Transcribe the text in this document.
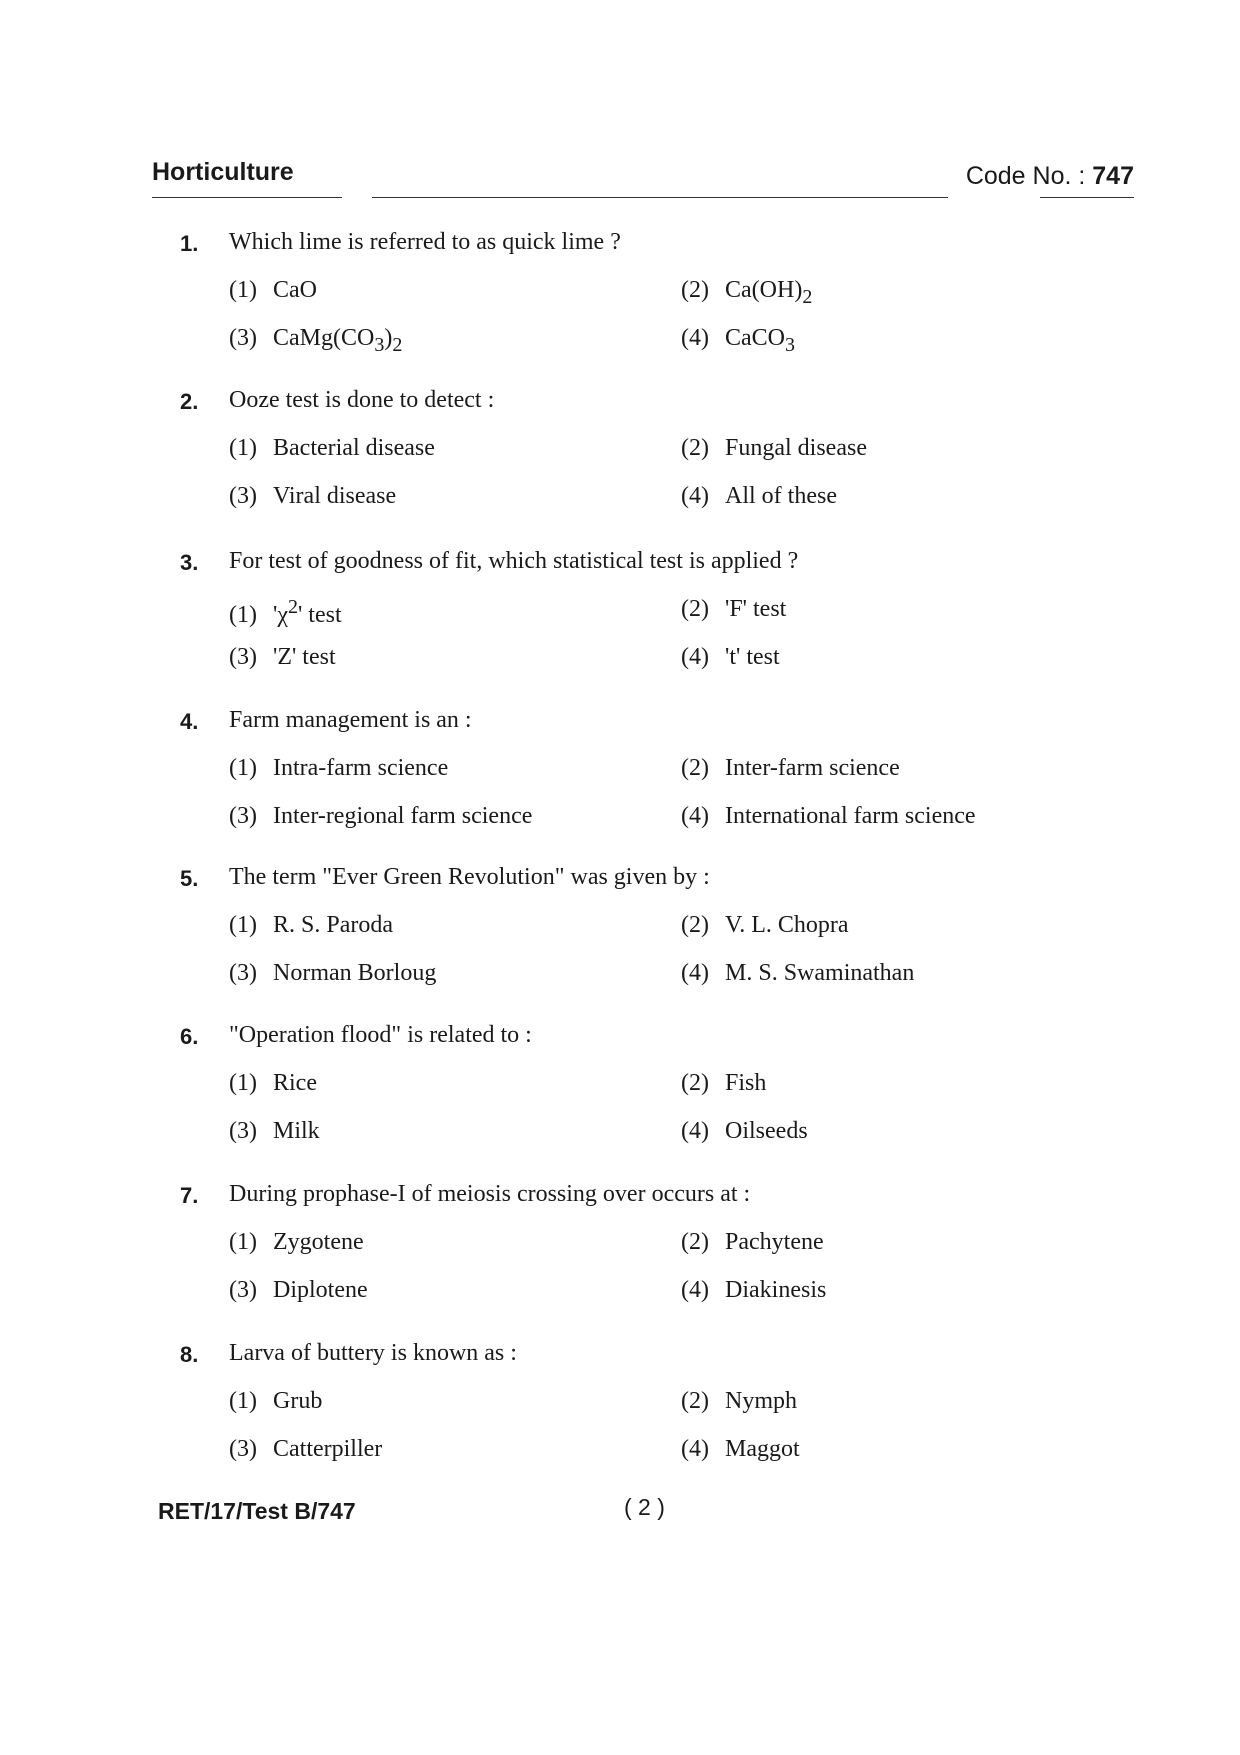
Horticulture	Code No. : 747
1. Which lime is referred to as quick lime ?
(1) CaO	(2) $Ca(OH)_2$
(3) $CaMg(CO_3)_2$	(4) CaCO$_3$
2. Ooze test is done to detect :
(1) Bacterial disease	(2) Fungal disease
(3) Viral disease	(4) All of these
3. For test of goodness of fit, which statistical test is applied ?
(1) '$\chi^2$' test	(2) 'F' test
(3) 'Z' test	(4) 't' test
4. Farm management is an :
(1) Intra-farm science	(2) Inter-farm science
(3) Inter-regional farm science	(4) International farm science
5. The term "Ever Green Revolution" was given by :
(1) R. S. Paroda	(2) V. L. Chopra
(3) Norman Borloug	(4) M. S. Swaminathan
6. "Operation flood" is related to :
(1) Rice	(2) Fish
(3) Milk	(4) Oilseeds
7. During prophase-I of meiosis crossing over occurs at :
(1) Zygotene	(2) Pachytene
(3) Diplotene	(4) Diakinesis
8. Larva of buttery is known as :
(1) Grub	(2) Nymph
(3) Catterpiller	(4) Maggot
RET/17/Test B/747	( 2 )
